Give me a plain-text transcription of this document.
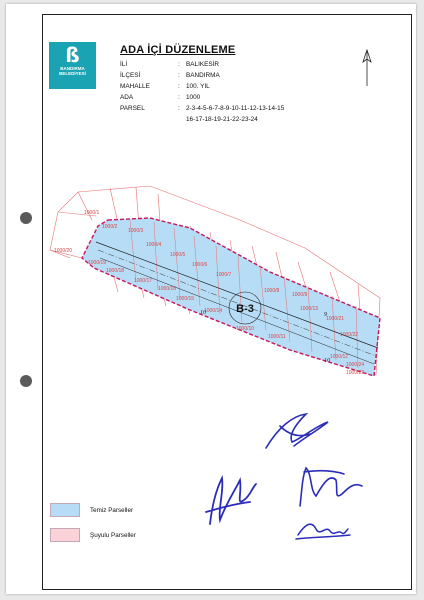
ß
BANDIRMA BELEDİYESİ
ADA İÇİ DÜZENLEME
İLİ	: BALIKESİR
İLÇESİ	: BANDIRMA
MAHALLE	: 100. YIL
ADA	: 1000
PARSEL	: 2-3-4-5-6-7-8-9-10-11-12-13-14-15
16-17-18-19-21-22-23-24
B-3
1000/1
1000/20
1000/2
1000/3
1000/19
1000/4
1000/18
1000/5
1000/6
1000/17
1000/7
1000/16	1000/8
1000/15
1000/9
1000/14
1000/10
1000/13
1000/11
1000/12
1000/21
1000/22
1000/23
1000/24
10	9
10
Temiz Parseller
Şuyulu Parseller
